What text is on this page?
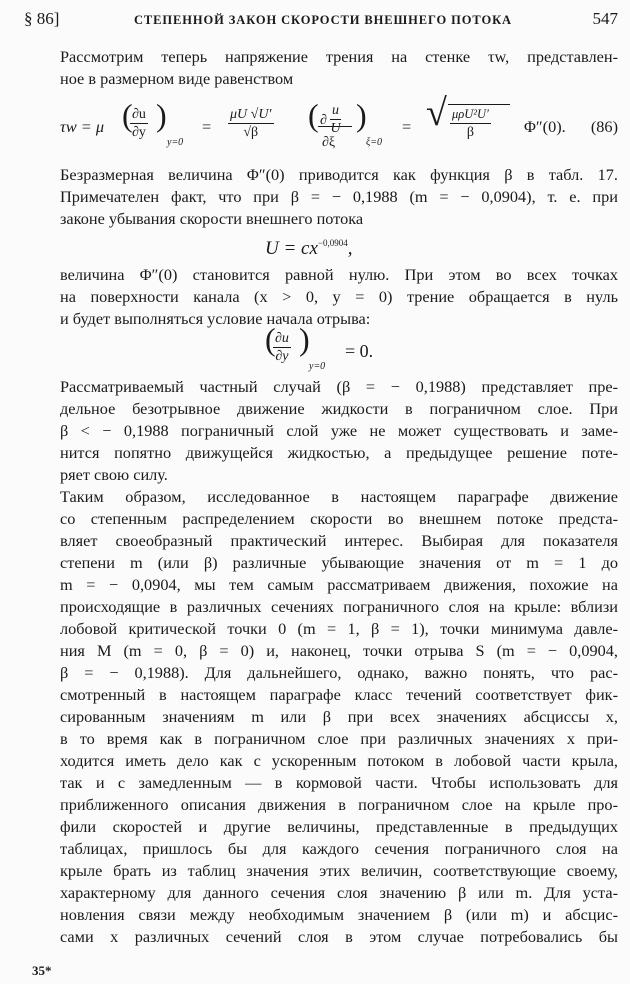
§ 86]	СТЕПЕННОЙ ЗАКОН СКОРОСТИ ВНЕШНЕГО ПОТОКА	547
Рассмотрим теперь напряжение трения на стенке τw, представлен-
ное в размерном виде равенством
τw = μ (
$\frac{\partial u}{\partial y}$ )
y=0
= $\frac{\mu U √U'}{√\beta}$ ( ∂ $\frac{u}{U}$
∂ξ
)
ξ=0
= √ μρU²U′
β	Φ″(0). (86)
Безразмерная величина Φ″(0) приводится как функция β в табл. 17.
Примечателен факт, что при β = − 0,1988 (m = − 0,0904), т. е. при
законе убывания скорости внешнего потока
$U = cx^{-0,0904}$,
величина Φ″(0) становится равной нулю. При этом во всех точках
на поверхности канала (x > 0, y = 0) трение обращается в нуль
и будет выполняться условие начала отрыва:
(
$\frac{\partial u}{\partial y}$ )
y=0
= 0.
Рассматриваемый частный случай (β = − 0,1988) представляет пре-
дельное безотрывное движение жидкости в пограничном слое. При
β < − 0,1988 пограничный слой уже не может существовать и заме-
нится попятно движущейся жидкостью, а предыдущее решение поте-
ряет свою силу.
Таким образом, исследованное в настоящем параграфе движение
со степенным распределением скорости во внешнем потоке предста-
вляет своеобразный практический интерес. Выбирая для показателя
степени m (или β) различные убывающие значения от m = 1 до
m = − 0,0904, мы тем самым рассматриваем движения, похожие на
происходящие в различных сечениях пограничного слоя на крыле: вблизи
лобовой критической точки 0 (m = 1, β = 1), точки минимума давле-
ния M (m = 0, β = 0) и, наконец, точки отрыва S (m = − 0,0904,
β = − 0,1988). Для дальнейшего, однако, важно понять, что рас-
смотренный в настоящем параграфе класс течений соответствует фик-
сированным значениям m или β при всех значениях абсциссы x,
в то время как в пограничном слое при различных значениях x при-
ходится иметь дело как с ускоренным потоком в лобовой части крыла,
так и с замедленным — в кормовой части. Чтобы использовать для
приближенного описания движения в пограничном слое на крыле про-
фили скоростей и другие величины, представленные в предыдущих
таблицах, пришлось бы для каждого сечения пограничного слоя на
крыле брать из таблиц значения этих величин, соответствующие своему,
характерному для данного сечения слоя значению β или m. Для уста-
новления связи между необходимым значением β (или m) и абсцис-
сами x различных сечений слоя в этом случае потребовались бы
35*
